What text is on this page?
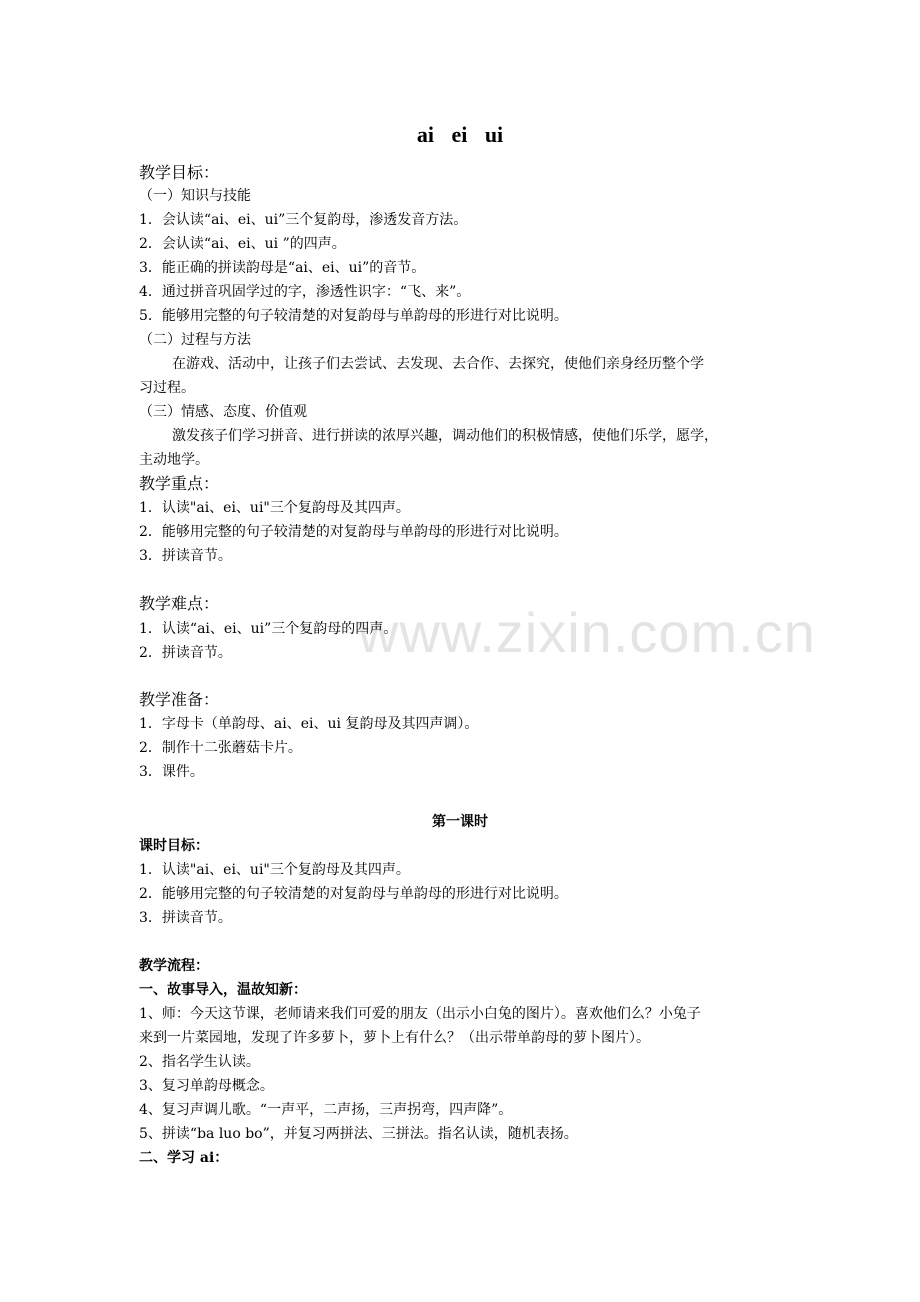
ai ei ui
教学目标：
（一）知识与技能
1．会认读“ai、ei、ui”三个复韵母，渗透发音方法。
2．会认读“ai、ei、ui ”的四声。
3．能正确的拼读韵母是“ai、ei、ui”的音节。
4．通过拼音巩固学过的字，渗透性识字：“飞、来”。
5．能够用完整的句子较清楚的对复韵母与单韵母的形进行对比说明。
（二）过程与方法
在游戏、活动中，让孩子们去尝试、去发现、去合作、去探究，使他们亲身经历整个学
习过程。
（三）情感、态度、价值观
激发孩子们学习拼音、进行拼读的浓厚兴趣，调动他们的积极情感，使他们乐学，愿学，
主动地学。
教学重点：
1．认读"ai、ei、ui"三个复韵母及其四声。
2．能够用完整的句子较清楚的对复韵母与单韵母的形进行对比说明。
3．拼读音节。
教学难点：
1．认读“ai、ei、ui”三个复韵母的四声。
2．拼读音节。
教学准备：
1．字母卡（单韵母、ai、ei、ui 复韵母及其四声调）。
2．制作十二张蘑菇卡片。
3．课件。
第一课时
课时目标：
1．认读"ai、ei、ui"三个复韵母及其四声。
2．能够用完整的句子较清楚的对复韵母与单韵母的形进行对比说明。
3．拼读音节。
教学流程：
一、故事导入，温故知新：
1、师：今天这节课，老师请来我们可爱的朋友（出示小白兔的图片）。喜欢他们么？小兔子
来到一片菜园地，发现了许多萝卜，萝卜上有什么？（出示带单韵母的萝卜图片）。
2、指名学生认读。
3、复习单韵母概念。
4、复习声调儿歌。“一声平，二声扬，三声拐弯，四声降”。
5、拼读“ba luo bo”，并复习两拼法、三拼法。指名认读，随机表扬。
二、学习 ai：
www.zixin.com.cn
